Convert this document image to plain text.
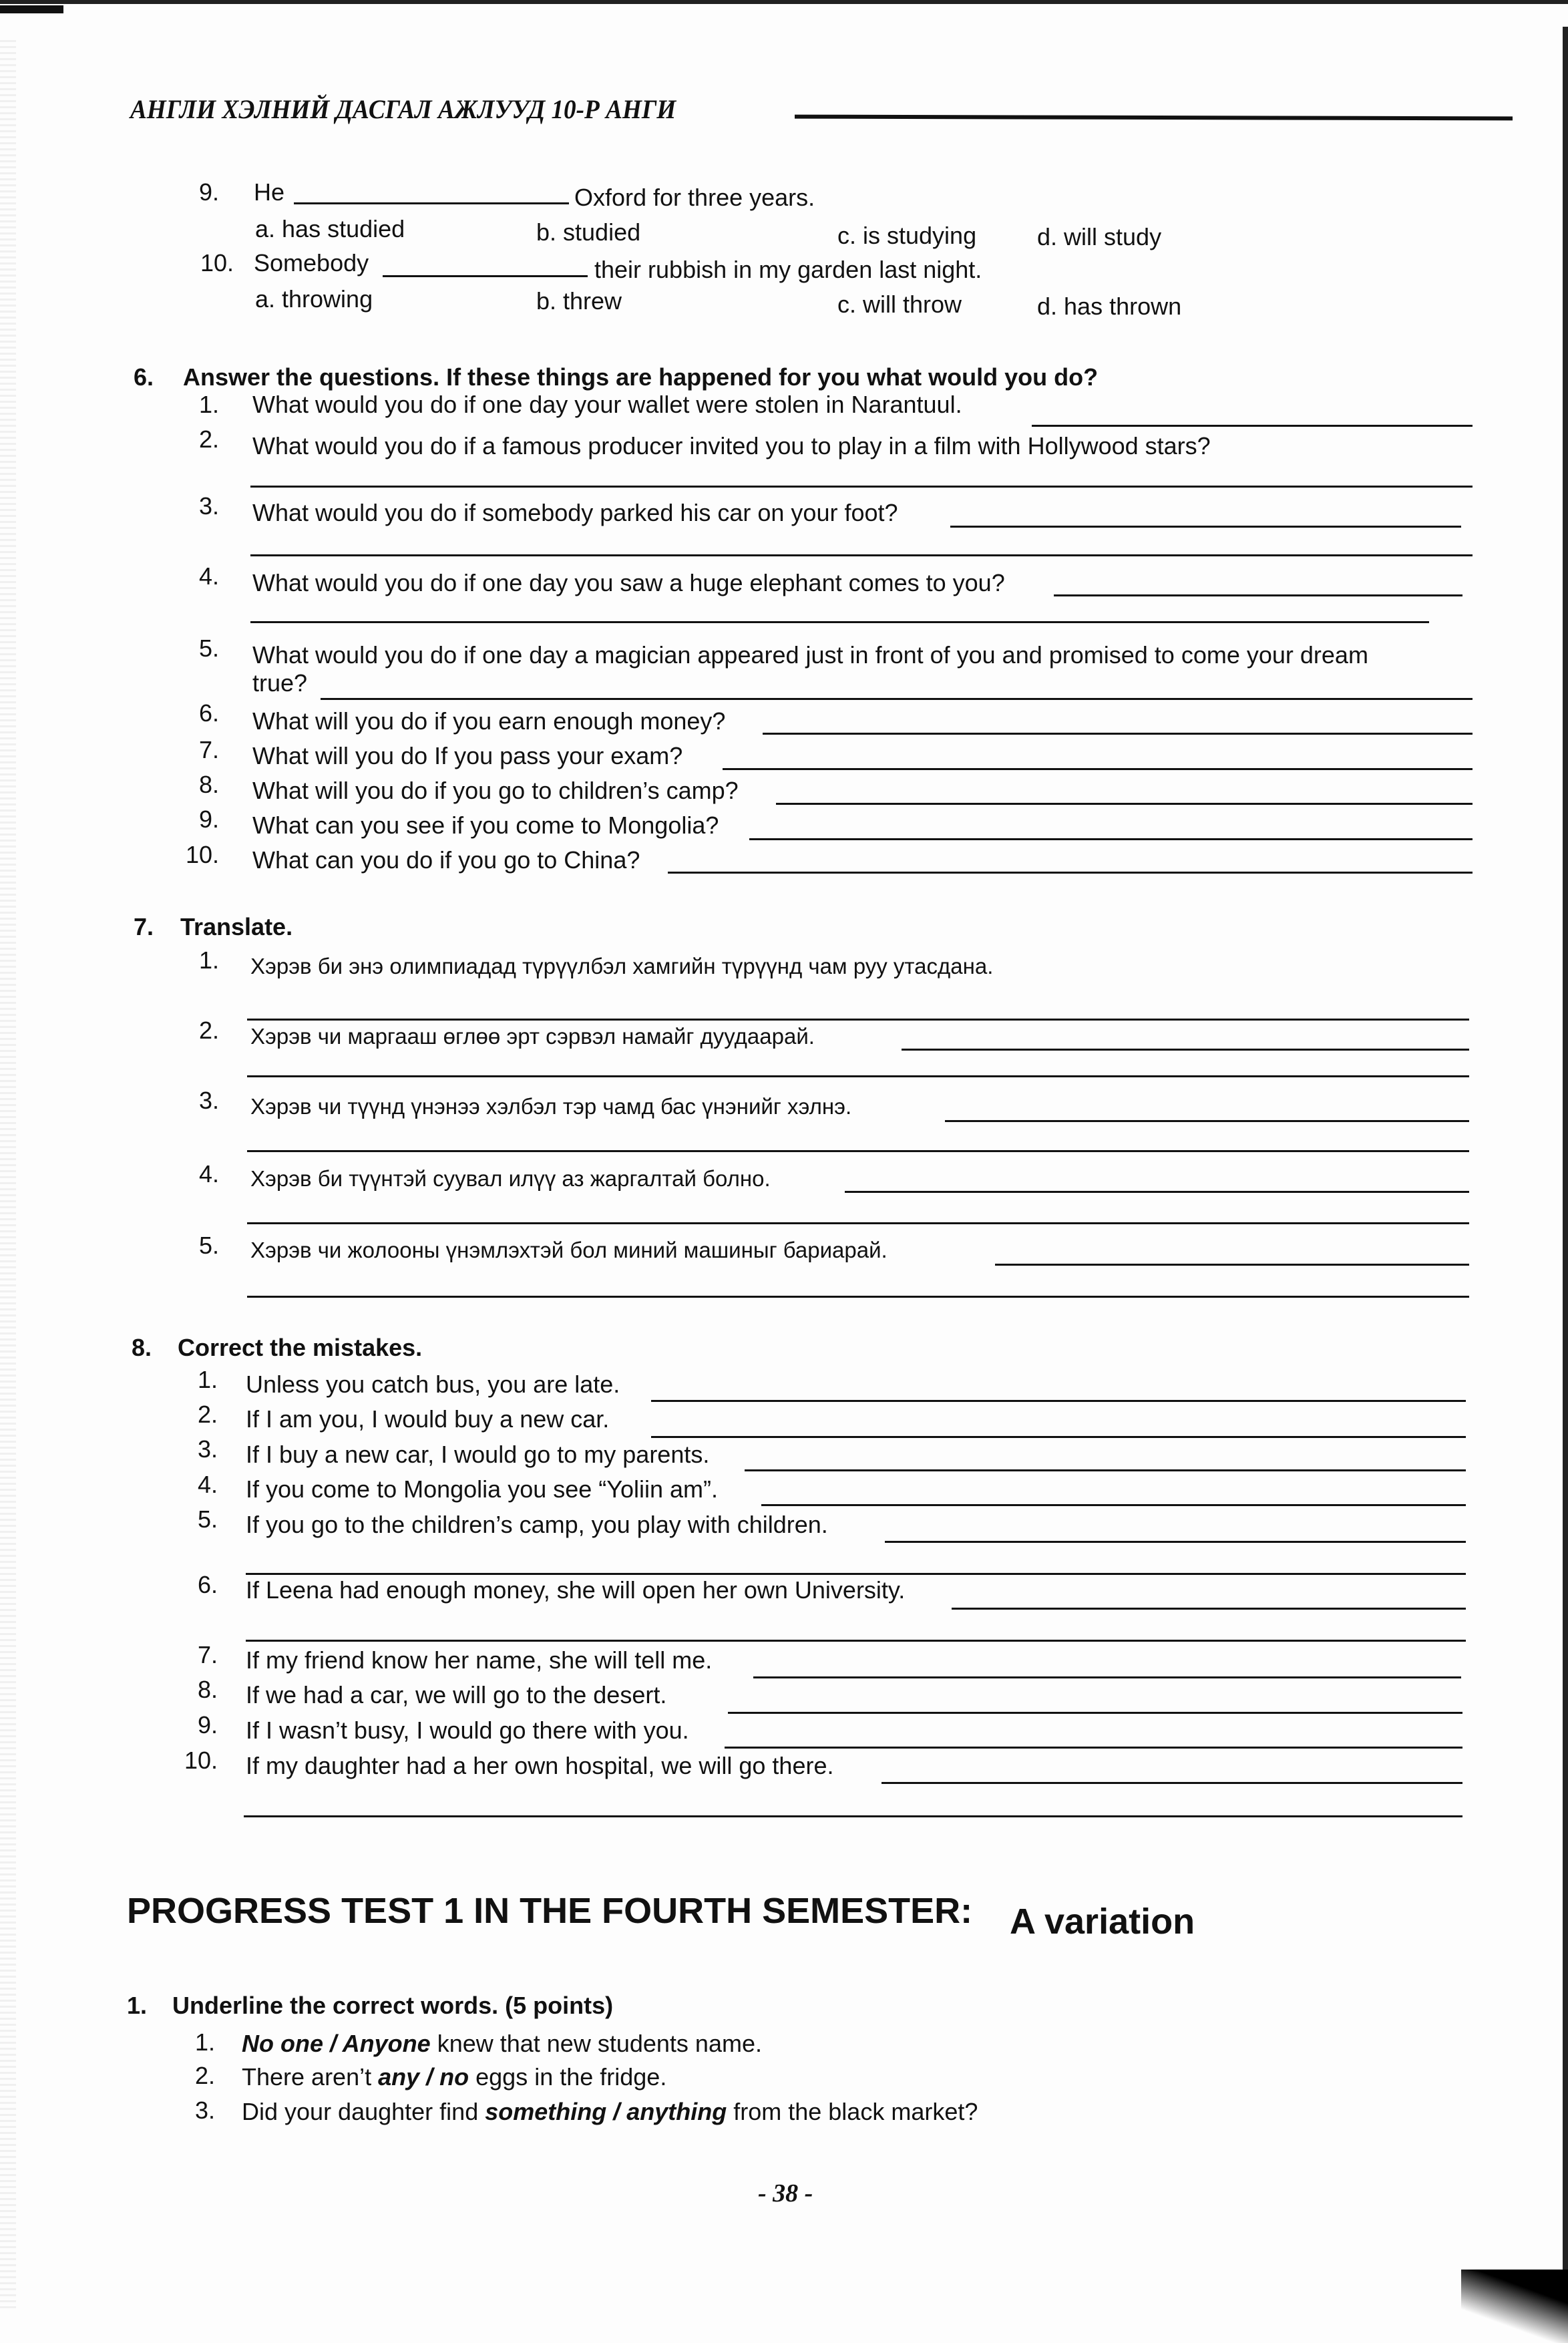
АНГЛИ ХЭЛНИЙ ДАСГАЛ АЖЛУУД 10-Р АНГИ
9. He	Oxford for three years.
a. has studied	b. studied	c. is studying	d. will study
10. Somebody	their rubbish in my garden last night.
a. throwing	b. threw	c. will throw	d. has thrown
6. Answer the questions. If these things are happened for you what would you do?
1. What would you do if one day your wallet were stolen in Narantuul.
2. What would you do if a famous producer invited you to play in a film with Hollywood stars?
3. What would you do if somebody parked his car on your foot?
4. What would you do if one day you saw a huge elephant comes to you?
5. What would you do if one day a magician appeared just in front of you and promised to come your dream
true?
6. What will you do if you earn enough money?
7. What will you do If you pass your exam?
8. What will you do if you go to children’s camp?
9. What can you see if you come to Mongolia?
10. What can you do if you go to China?
7. Translate.
1. Хэрэв би энэ олимпиадад түрүүлбэл хамгийн түрүүнд чам руу утасдана.
2. Хэрэв чи маргааш өглөө эрт сэрвэл намайг дуудаарай.
3. Хэрэв чи түүнд үнэнээ хэлбэл тэр чамд бас үнэнийг хэлнэ.
4. Хэрэв би түүнтэй суувал илүү аз жаргалтай болно.
5. Хэрэв чи жолооны үнэмлэхтэй бол миний машиныг бариарай.
8. Correct the mistakes.
1. Unless you catch bus, you are late.
2. If I am you, I would buy a new car.
3. If I buy a new car, I would go to my parents.
4. If you come to Mongolia you see “Yoliin am”.
5. If you go to the children’s camp, you play with children.
6. If Leena had enough money, she will open her own University.
7. If my friend know her name, she will tell me.
8. If we had a car, we will go to the desert.
9. If I wasn’t busy, I would go there with you.
10. If my daughter had a her own hospital, we will go there.
PROGRESS TEST 1 IN THE FOURTH SEMESTER: A variation
1. Underline the correct words. (5 points)
1. No one / Anyone knew that new students name.
2. There aren’t any / no eggs in the fridge.
3. Did your daughter find something / anything from the black market?
- 38 -
